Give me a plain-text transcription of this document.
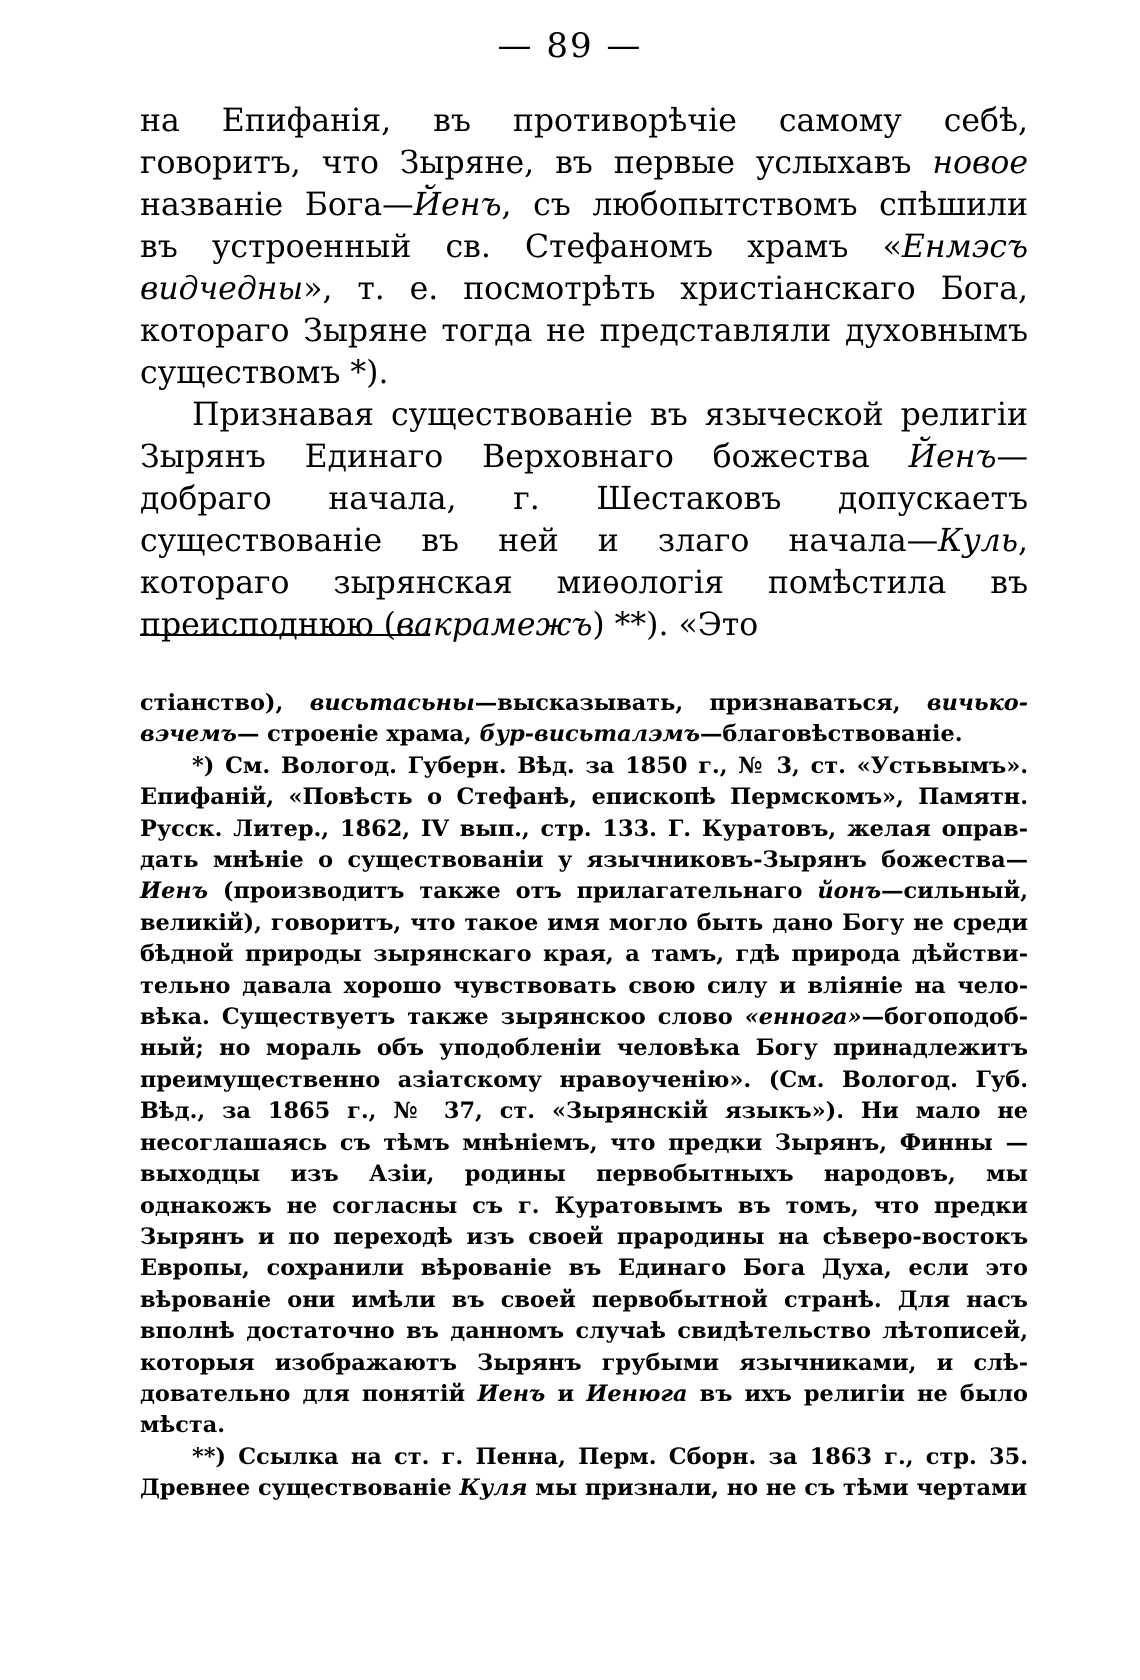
— 89 —

на Епифанія, въ противорѣчіе самому себѣ, говоритъ, что Зыряне, въ первые услыхавъ новое названіе Бога—Йенъ, съ любопытствомъ спѣшили въ устроенный св. Стефаномъ храмъ «Енмэсъ видчедны», т. е. посмотрѣть христіанскаго Бога, котораго Зыряне тогда не представляли духовнымъ существомъ *).

Признавая существованіе въ языческой религіи Зырянъ Единаго Верховнаго божества Йенъ—добраго начала, г. Шестаковъ допускаетъ существованіе въ ней и злаго начала—Куль, котораго зырянская миѳологія помѣстила въ преисподнюю (вакрамежъ) **). «Это

стіанство), висьтасьны—высказывать, признаваться, вичько-вэчемъ— строеніе храма, бур-висьталэмъ—благовѣствованіе.

*) См. Вологод. Губерн. Вѣд. за 1850 г., № 3, ст. «Устьвымъ». Епифаній, «Повѣсть о Стефанѣ, епископѣ Пермскомъ», Памятн. Русск. Литер., 1862, IV вып., стр. 133. Г. Куратовъ, желая оправдать мнѣніе о существованіи у язычниковъ-Зырянъ божества—Иенъ (производитъ также отъ прилагательнаго йонъ—сильный, великій), говоритъ, что такое имя могло быть дано Богу не среди бѣдной природы зырянскаго края, а тамъ, гдѣ природа дѣйствительно давала хорошо чувствовать свою силу и вліяніе на человѣка. Существуетъ также зырянскоо слово «еннога»—богоподобный; но мораль объ уподобленіи человѣка Богу принадлежитъ преимущественно азіатскому нравоученію». (См. Вологод. Губ. Вѣд., за 1865 г., № 37, ст. «Зырянскій языкъ»). Ни мало не несоглашаясь съ тѣмъ мнѣніемъ, что предки Зырянъ, Финны — выходцы изъ Азіи, родины первобытныхъ народовъ, мы однакожъ не согласны съ г. Куратовымъ въ томъ, что предки Зырянъ и по переходѣ изъ своей прародины на сѣверо-востокъ Европы, сохранили вѣрованіе въ Единаго Бога Духа, если это вѣрованіе они имѣли въ своей первобытной странѣ. Для насъ вполнѣ достаточно въ данномъ случаѣ свидѣтельство лѣтописей, которыя изображаютъ Зырянъ грубыми язычниками, и слѣдовательно для понятій Иенъ и Иенюга въ ихъ религіи не было мѣста.

**) Ссылка на ст. г. Пенна, Перм. Сборн. за 1863 г., стр. 35. Древнее существованіе Куля мы признали, но не съ тѣми чертами
